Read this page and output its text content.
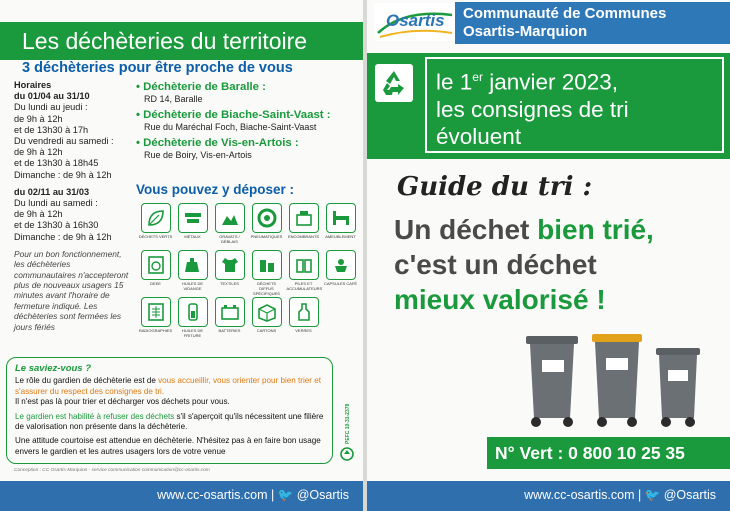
Les déchèteries du territoire
3 déchèteries pour être proche de vous
Horaires
du 01/04 au 31/10
Du lundi au jeudi :
de 9h à 12h
et de 13h30 à 17h
Du vendredi au samedi :
de 9h à 12h
et de 13h30 à 18h45
Dimanche : de 9h à 12h
du 02/11 au 31/03
Du lundi au samedi :
de 9h à 12h
et de 13h30 à 16h30
Dimanche : de 9h à 12h
Pour un bon fonctionnement, les déchèteries communautaires n'accepteront plus de nouveaux usagers 15 minutes avant l'horaire de fermeture indiqué. Les déchèteries sont fermées les jours fériés
• Déchèterie de Baralle :
RD 14, Baralle
• Déchèterie de Biache-Saint-Vaast :
Rue du Maréchal Foch, Biache-Saint-Vaast
• Déchèterie de Vis-en-Artois :
Rue de Boiry, Vis-en-Artois
Vous pouvez y déposer :
DÉCHETS VERTS	MÉTAUX	GRAVATS / DÉBLAIS
PNEUMATIQUES	ENCOMBRANTS	AMEUBLEMENT
DEEE	HUILES DE VIDANGE
TEXTILES	DÉCHETS DIFFUS SPÉCIFIQUES
PILES ET ACCUMULATEURS
CAPSULES CAFÉ
RADIOGRAPHIES	HUILES DE FRITURE
BATTERIES	CARTONS	VERRES
Le saviez-vous ?

Le rôle du gardien de déchèterie est de vous accueillir, vous orienter pour bien trier et s'assurer du respect des consignes de tri.
Il n'est pas là pour trier et décharger vos déchets pour vous.

Le gardien est habilité à refuser des déchets s'il s'aperçoit qu'ils nécessitent une filière de valorisation non présente dans la déchèterie.

Une attitude courtoise est attendue en déchèterie. N'hésitez pas à en faire bon usage envers le gardien et les autres usagers lors de votre venue

PEFC 10-31-2378
Conception : CC Osartis-Marquion - service communication communication@cc-osartis.com
www.cc-osartis.com | 🐦 @Osartis
Osartis Communauté de Communes
Osartis-Marquion
le 1er janvier 2023,
les consignes de tri
évoluent
Guide du tri :
Un déchet bien trié,
c'est un déchet
mieux valorisé !
N° Vert : 0 800 10 25 35
www.cc-osartis.com | 🐦 @Osartis
